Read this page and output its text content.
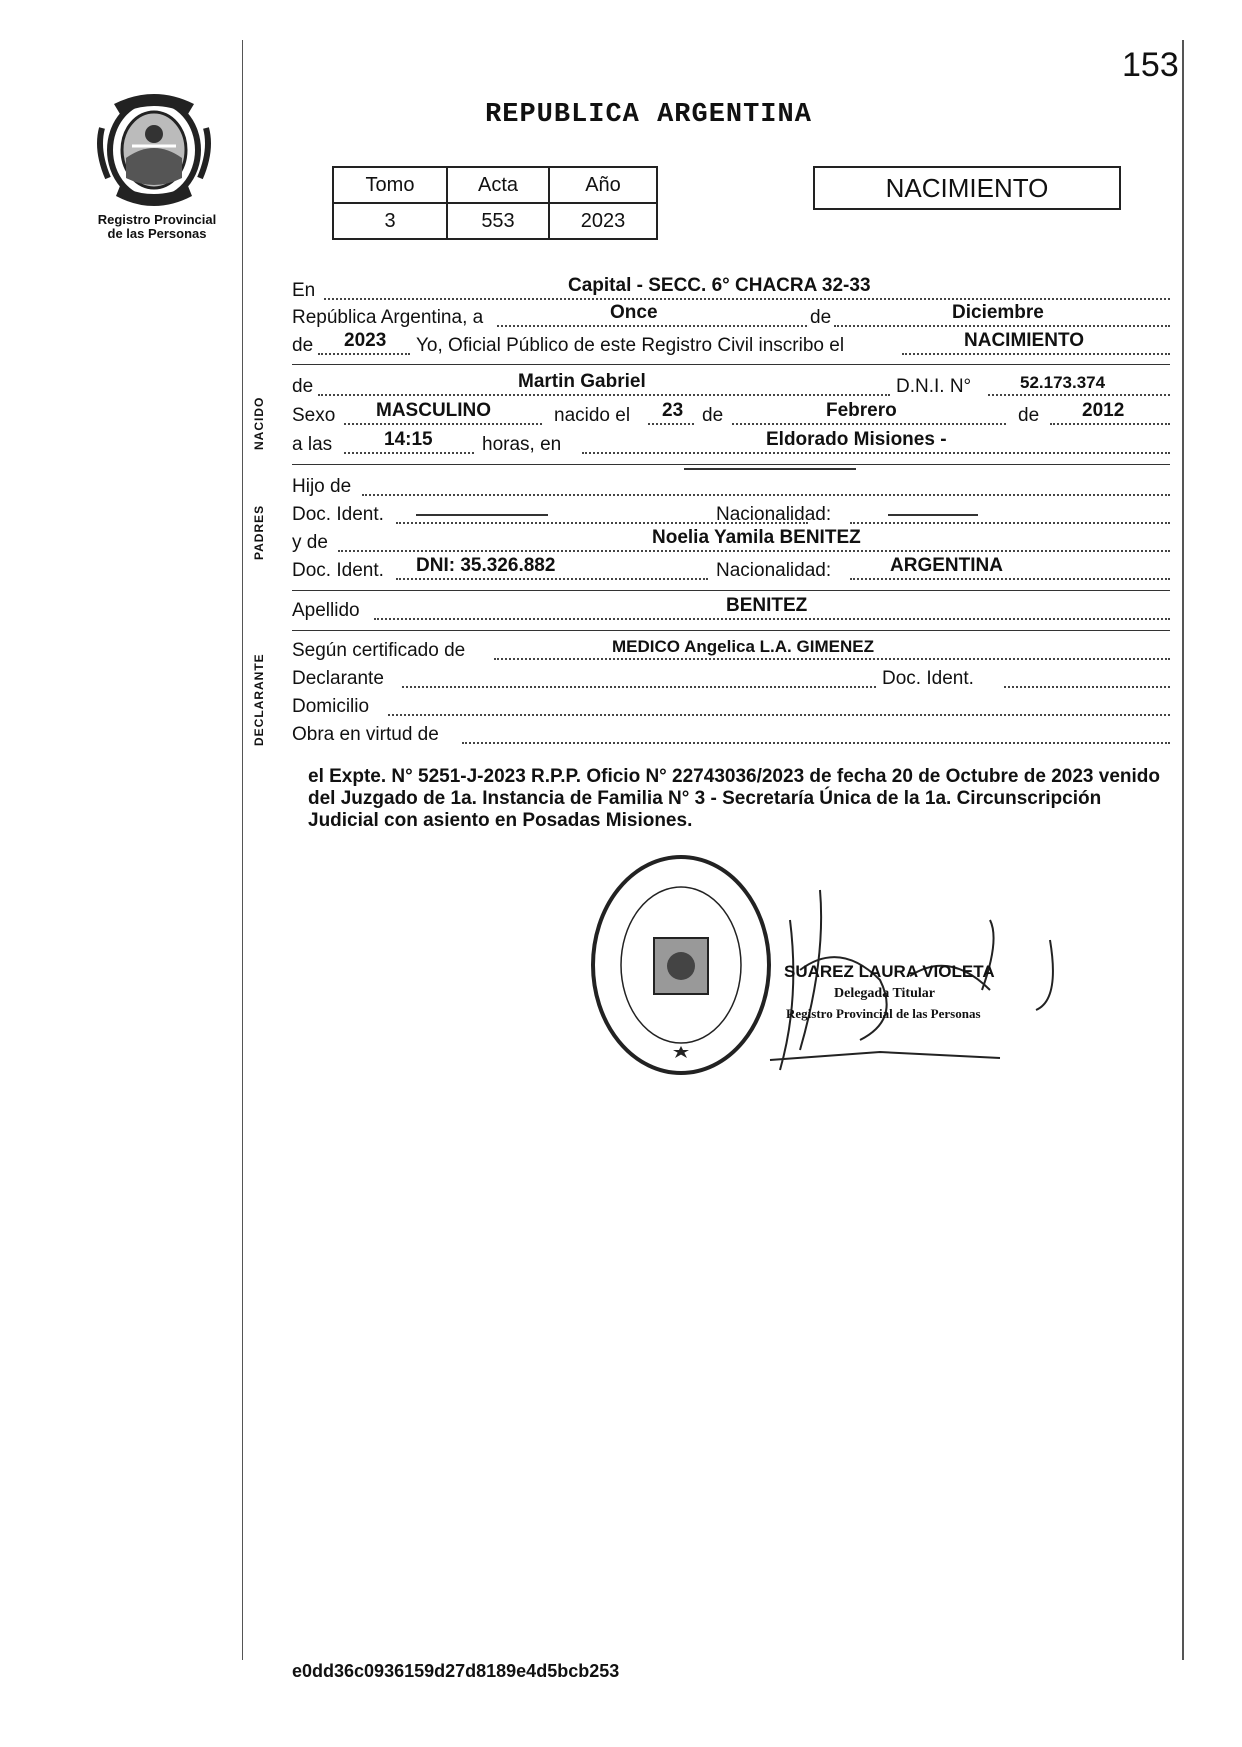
153
REPUBLICA ARGENTINA
Registro Provincial
de las Personas
Tomo	Acta	Año
3	553	2023
NACIMIENTO
En	Capital - SECC. 6° CHACRA 32-33
República Argentina, a	Once	de	Diciembre
de 2023 Yo, Oficial Público de este Registro Civil inscribo el	NACIMIENTO
NACIDO
de	Martin Gabriel	D.N.I. N°	52.173.374
Sexo MASCULINO	nacido el 23 de	Febrero	de 2012
a las	14:15	horas, en	Eldorado Misiones -
PADRES
Hijo de
Doc. Ident.	Nacionalidad:
y de	Noelia Yamila BENITEZ
Doc. Ident. DNI: 35.326.882	Nacionalidad:	ARGENTINA
Apellido	BENITEZ
DECLARANTE
Según certificado de	MEDICO Angelica L.A. GIMENEZ
Declarante	Doc. Ident.
Domicilio
Obra en virtud de
el Expte. N° 5251-J-2023 R.P.P. Oficio N° 22743036/2023 de fecha 20 de Octubre de 2023 venido del Juzgado de 1a. Instancia de Familia N° 3 - Secretaría Única de la 1a. Circunscripción Judicial con asiento en Posadas Misiones.
SUAREZ LAURA VIOLETA
Delegada Titular
Registro Provincial de las Personas
e0dd36c0936159d27d8189e4d5bcb253
